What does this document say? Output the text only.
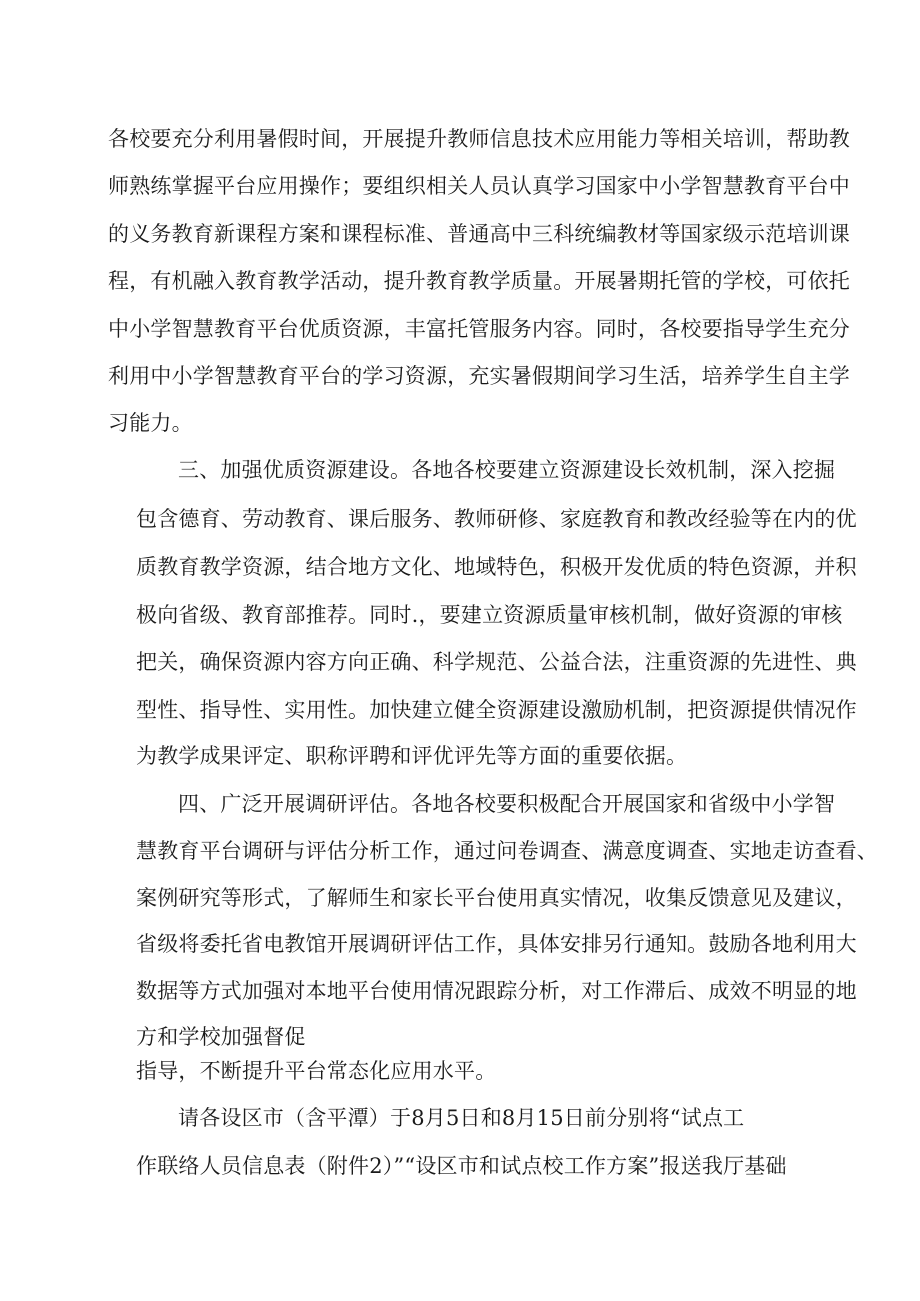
各校要充分利用暑假时间，开展提升教师信息技术应用能力等相关培训，帮助教
师熟练掌握平台应用操作；要组织相关人员认真学习国家中小学智慧教育平台中
的义务教育新课程方案和课程标准、普通高中三科统编教材等国家级示范培训课
程，有机融入教育教学活动，提升教育教学质量。开展暑期托管的学校，可依托
中小学智慧教育平台优质资源，丰富托管服务内容。同时，各校要指导学生充分
利用中小学智慧教育平台的学习资源，充实暑假期间学习生活，培养学生自主学
习能力。
三、加强优质资源建设。各地各校要建立资源建设长效机制，深入挖掘
包含德育、劳动教育、课后服务、教师研修、家庭教育和教改经验等在内的优
质教育教学资源，结合地方文化、地域特色，积极开发优质的特色资源，并积
极向省级、教育部推荐。同时.，要建立资源质量审核机制，做好资源的审核
把关，确保资源内容方向正确、科学规范、公益合法，注重资源的先进性、典
型性、指导性、实用性。加快建立健全资源建设激励机制，把资源提供情况作
为教学成果评定、职称评聘和评优评先等方面的重要依据。
四、广泛开展调研评估。各地各校要积极配合开展国家和省级中小学智
慧教育平台调研与评估分析工作，通过问卷调查、满意度调查、实地走访查看、
案例研究等形式，了解师生和家长平台使用真实情况，收集反馈意见及建议，
省级将委托省电教馆开展调研评估工作，具体安排另行通知。鼓励各地利用大
数据等方式加强对本地平台使用情况跟踪分析，对工作滞后、成效不明显的地
方和学校加强督促
指导，不断提升平台常态化应用水平。
请各设区市（含平潭）于8月5日和8月15日前分别将“试点工
作联络人员信息表（附件2）”“设区市和试点校工作方案”报送我厅基础
